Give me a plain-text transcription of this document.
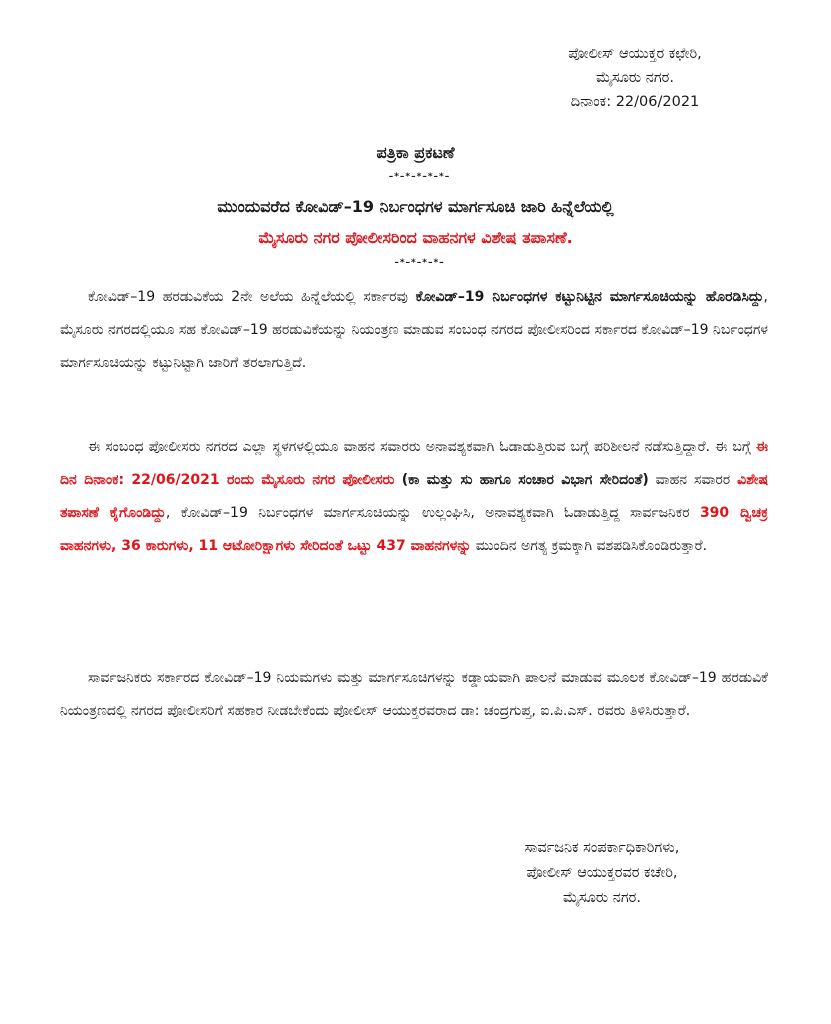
ಪೋಲೀಸ್ ಆಯುಕ್ತರ ಕಛೇರಿ,
ಮೈಸೂರು ನಗರ.
ದಿನಾಂಕ: 22/06/2021
ಪತ್ರಿಕಾ ಪ್ರಕಟಣೆ
–*–*–*–*–*–
ಮುಂದುವರೆದ ಕೋವಿಡ್–19 ನಿರ್ಬಂಧಗಳ ಮಾರ್ಗಸೂಚಿ ಜಾರಿ ಹಿನ್ನೆಲೆಯಲ್ಲಿ
ಮೈಸೂರು ನಗರ ಪೋಲೀಸರಿಂದ ವಾಹನಗಳ ವಿಶೇಷ ತಪಾಸಣೆ.
–*–*–*–*–
ಕೋವಿಡ್–19 ಹರಡುವಿಕೆಯ 2ನೇ ಅಲೆಯ ಹಿನ್ನೆಲೆಯಲ್ಲಿ ಸರ್ಕಾರವು ಕೋವಿಡ್–19 ನಿರ್ಬಂಧಗಳ ಕಟ್ಟುನಿಟ್ಟಿನ ಮಾರ್ಗಸೂಚಿಯನ್ನು ಹೊರಡಿಸಿದ್ದು, ಮೈಸೂರು ನಗರದಲ್ಲಿಯೂ ಸಹ ಕೋವಿಡ್–19 ಹರಡುವಿಕೆಯನ್ನು ನಿಯಂತ್ರಣ ಮಾಡುವ ಸಂಬಂಧ ನಗರದ ಪೋಲೀಸರಿಂದ ಸರ್ಕಾರದ ಕೋವಿಡ್–19 ನಿರ್ಬಂಧಗಳ ಮಾರ್ಗಸೂಚಿಯನ್ನು ಕಟ್ಟುನಿಟ್ಟಾಗಿ ಜಾರಿಗೆ ತರಲಾಗುತ್ತಿದೆ.
ಈ ಸಂಬಂಧ ಪೋಲೀಸರು ನಗರದ ಎಲ್ಲಾ ಸ್ಥಳಗಳಲ್ಲಿಯೂ ವಾಹನ ಸವಾರರು ಅನಾವಶ್ಯಕವಾಗಿ ಓಡಾಡುತ್ತಿರುವ ಬಗ್ಗೆ ಪರಿಶೀಲನೆ ನಡೆಸುತ್ತಿದ್ದಾರೆ. ಈ ಬಗ್ಗೆ ಈ ದಿನ ದಿನಾಂಕ: 22/06/2021 ರಂದು ಮೈಸೂರು ನಗರ ಪೋಲೀಸರು (ಕಾ ಮತ್ತು ಸು ಹಾಗೂ ಸಂಚಾರ ವಿಭಾಗ ಸೇರಿದಂತೆ) ವಾಹನ ಸವಾರರ ವಿಶೇಷ ತಪಾಸಣೆ ಕೈಗೊಂಡಿದ್ದು, ಕೋವಿಡ್–19 ನಿರ್ಬಂಧಗಳ ಮಾರ್ಗಸೂಚಿಯನ್ನು ಉಲ್ಲಂಘಿಸಿ, ಅನಾವಶ್ಯಕವಾಗಿ ಓಡಾಡುತ್ತಿದ್ದ ಸಾರ್ವಜನಿಕರ 390 ದ್ವಿಚಕ್ರ ವಾಹನಗಳು, 36 ಕಾರುಗಳು, 11 ಆಟೋರಿಕ್ಷಾಗಳು ಸೇರಿದಂತೆ ಒಟ್ಟು 437 ವಾಹನಗಳನ್ನು ಮುಂದಿನ ಅಗತ್ಯ ಕ್ರಮಕ್ಕಾಗಿ ವಶಪಡಿಸಿಕೊಂಡಿರುತ್ತಾರೆ.
ಸಾರ್ವಜನಿಕರು ಸರ್ಕಾರದ ಕೋವಿಡ್–19 ನಿಯಮಗಳು ಮತ್ತು ಮಾರ್ಗಸೂಚಿಗಳನ್ನು ಕಡ್ಡಾಯವಾಗಿ ಪಾಲನೆ ಮಾಡುವ ಮೂಲಕ ಕೋವಿಡ್–19 ಹರಡುವಿಕೆ ನಿಯಂತ್ರಣದಲ್ಲಿ ನಗರದ ಪೋಲೀಸರಿಗೆ ಸಹಕಾರ ನೀಡಬೇಕೆಂದು ಪೋಲೀಸ್ ಆಯುಕ್ತರವರಾದ ಡಾ: ಚಂದ್ರಗುಪ್ತ, ಐ.ಪಿ.ಎಸ್. ರವರು ತಿಳಿಸಿರುತ್ತಾರೆ.
ಸಾರ್ವಜನಿಕ ಸಂಪರ್ಕಾಧಿಕಾರಿಗಳು,
ಪೋಲೀಸ್ ಆಯುಕ್ತರವರ ಕಚೇರಿ,
ಮೈಸೂರು ನಗರ.
